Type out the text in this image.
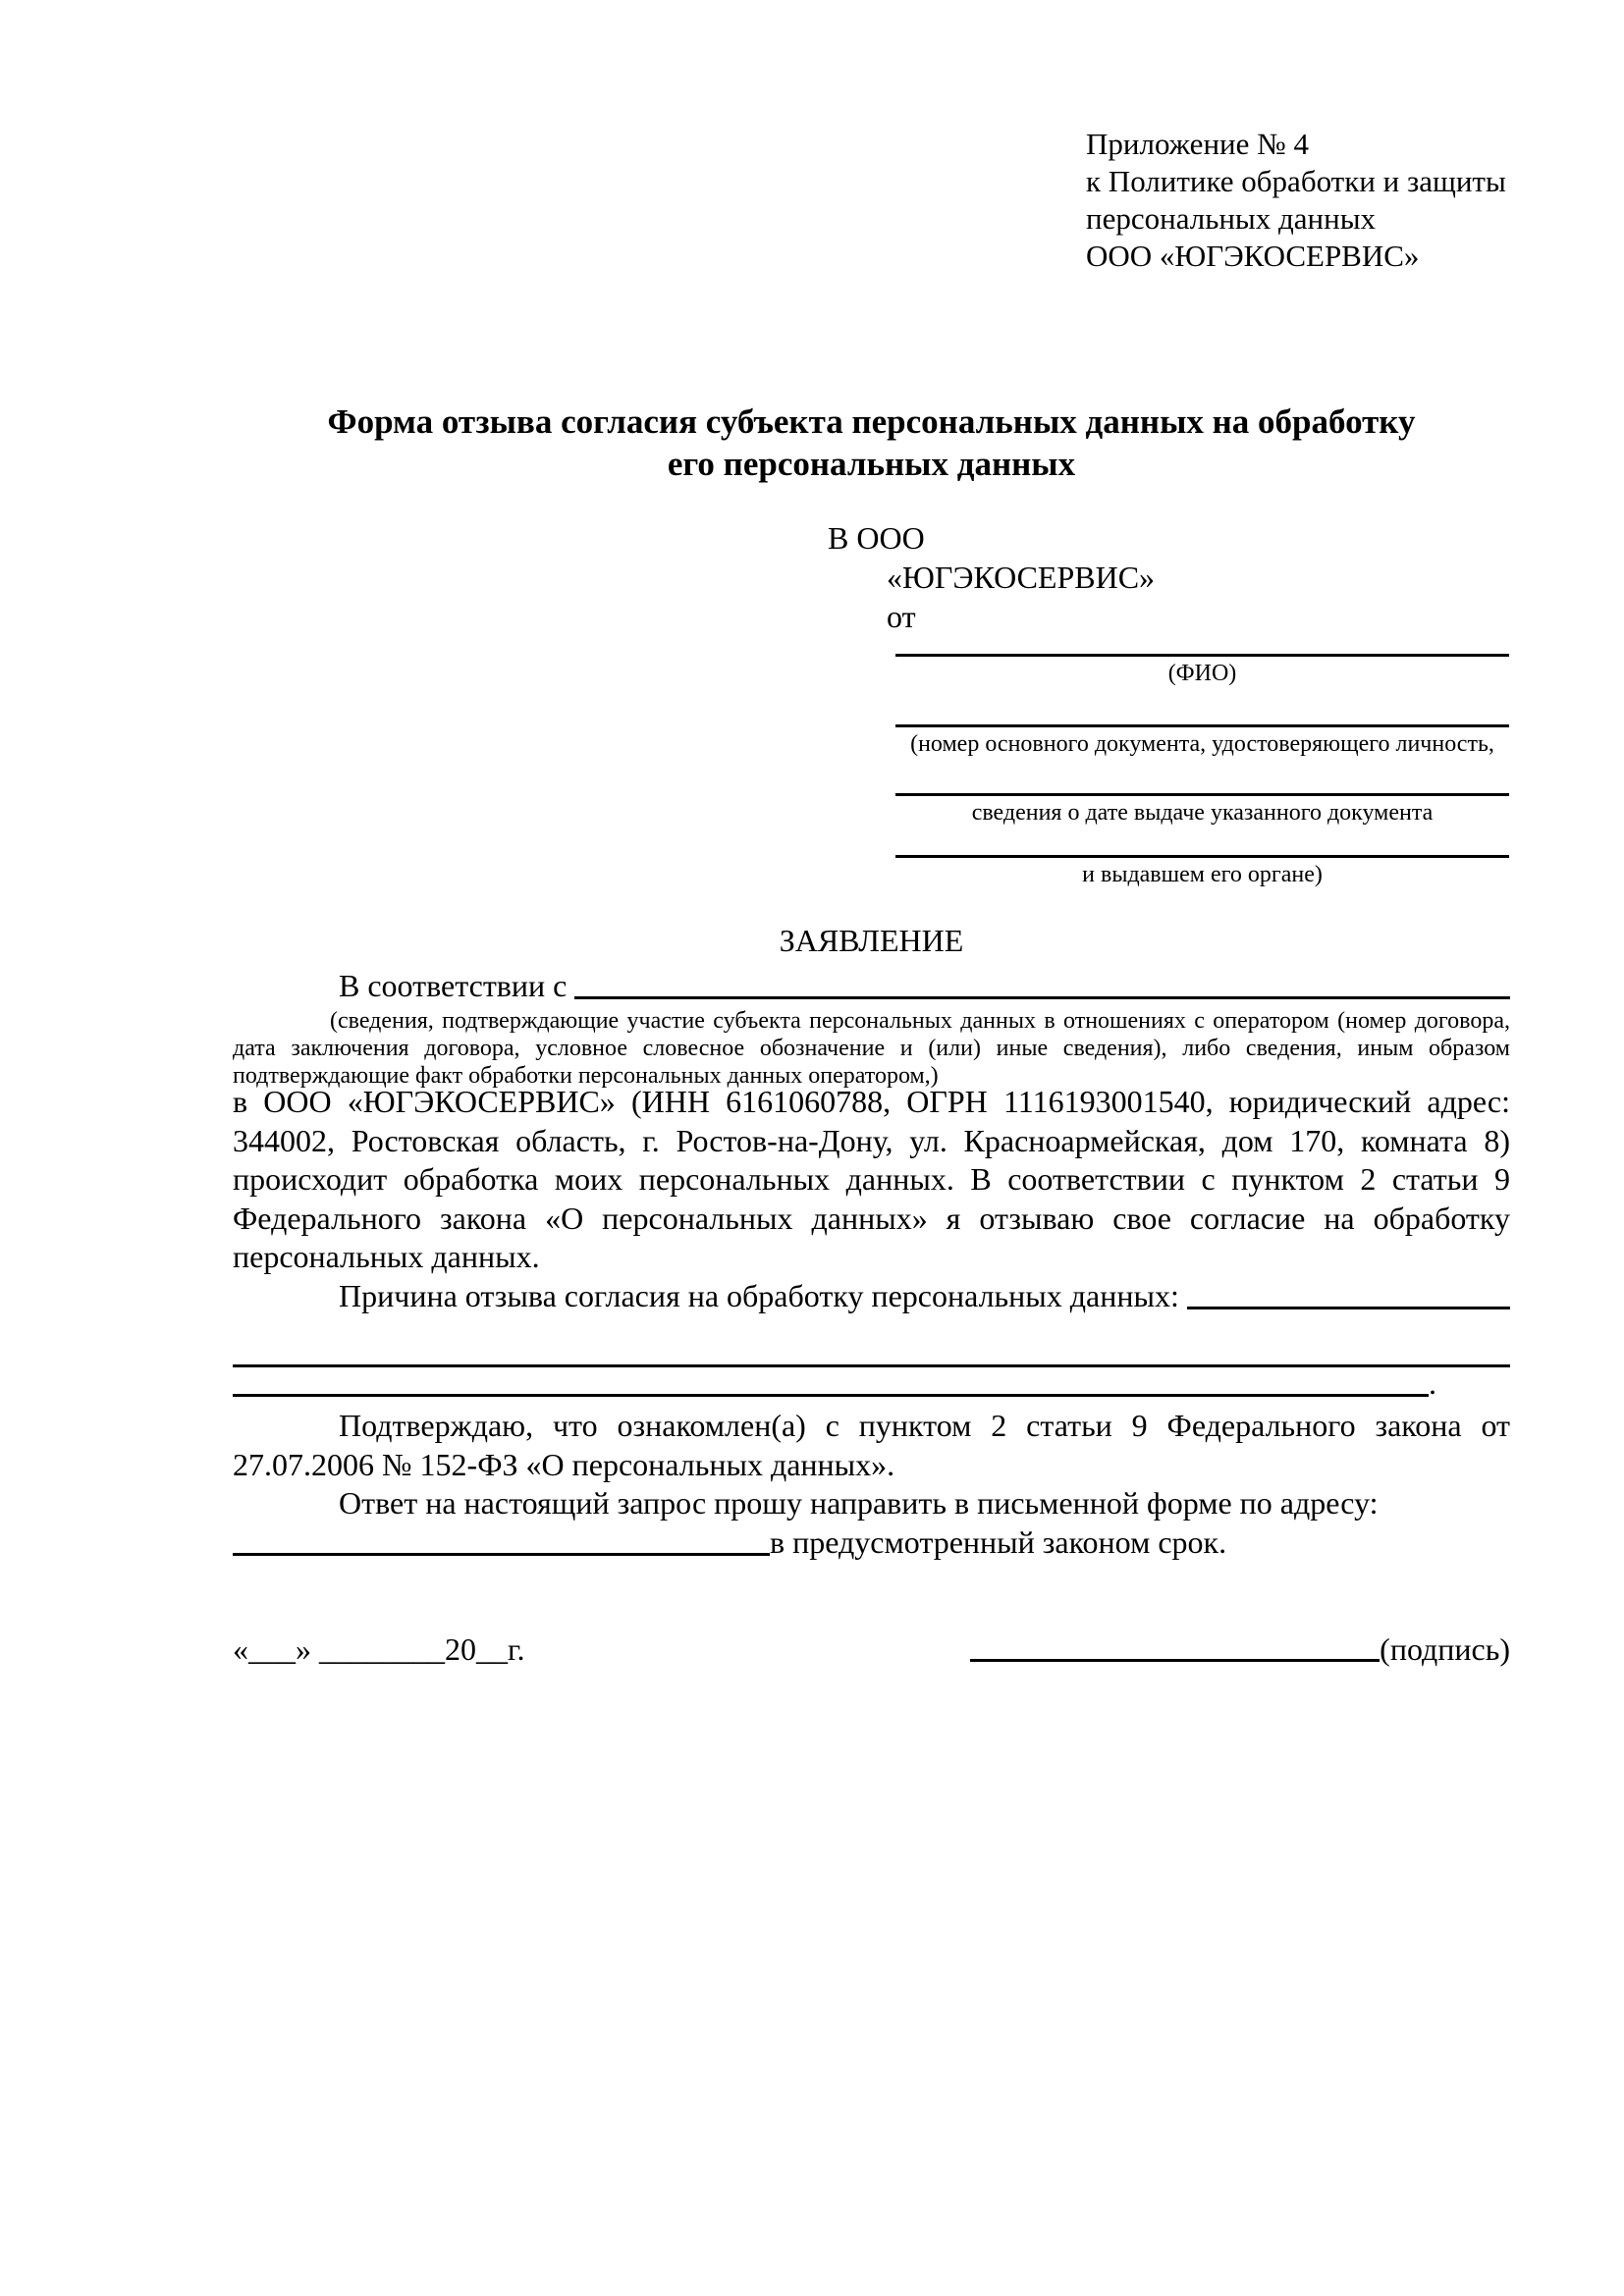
Приложение № 4
к Политике обработки и защиты
персональных данных
ООО «ЮГЭКОСЕРВИС»
Форма отзыва согласия субъекта персональных данных на обработку
его персональных данных
В ООО
«ЮГЭКОСЕРВИС»
от
(ФИО)
(номер основного документа, удостоверяющего личность,
сведения о дате выдаче указанного документа
и выдавшем его органе)
ЗАЯВЛЕНИЕ
В соответствии с
(сведения, подтверждающие участие субъекта персональных данных в отношениях с оператором (номер договора, дата заключения договора, условное словесное обозначение и (или) иные сведения), либо сведения, иным образом подтверждающие факт обработки персональных данных оператором,)
в ООО «ЮГЭКОСЕРВИС» (ИНН 6161060788, ОГРН 1116193001540, юридический адрес: 344002, Ростовская область, г. Ростов-на-Дону, ул. Красноармейская, дом 170, комната 8) происходит обработка моих персональных данных. В соответствии с пунктом 2 статьи 9 Федерального закона «О персональных данных» я отзываю свое согласие на обработку персональных данных.
Причина отзыва согласия на обработку персональных данных:
.
Подтверждаю, что ознакомлен(а) с пунктом 2 статьи 9 Федерального закона от 27.07.2006 № 152-ФЗ «О персональных данных».
Ответ на настоящий запрос прошу направить в письменной форме по адресу:
в предусмотренный законом срок.
«___» ________20__г.	(подпись)
